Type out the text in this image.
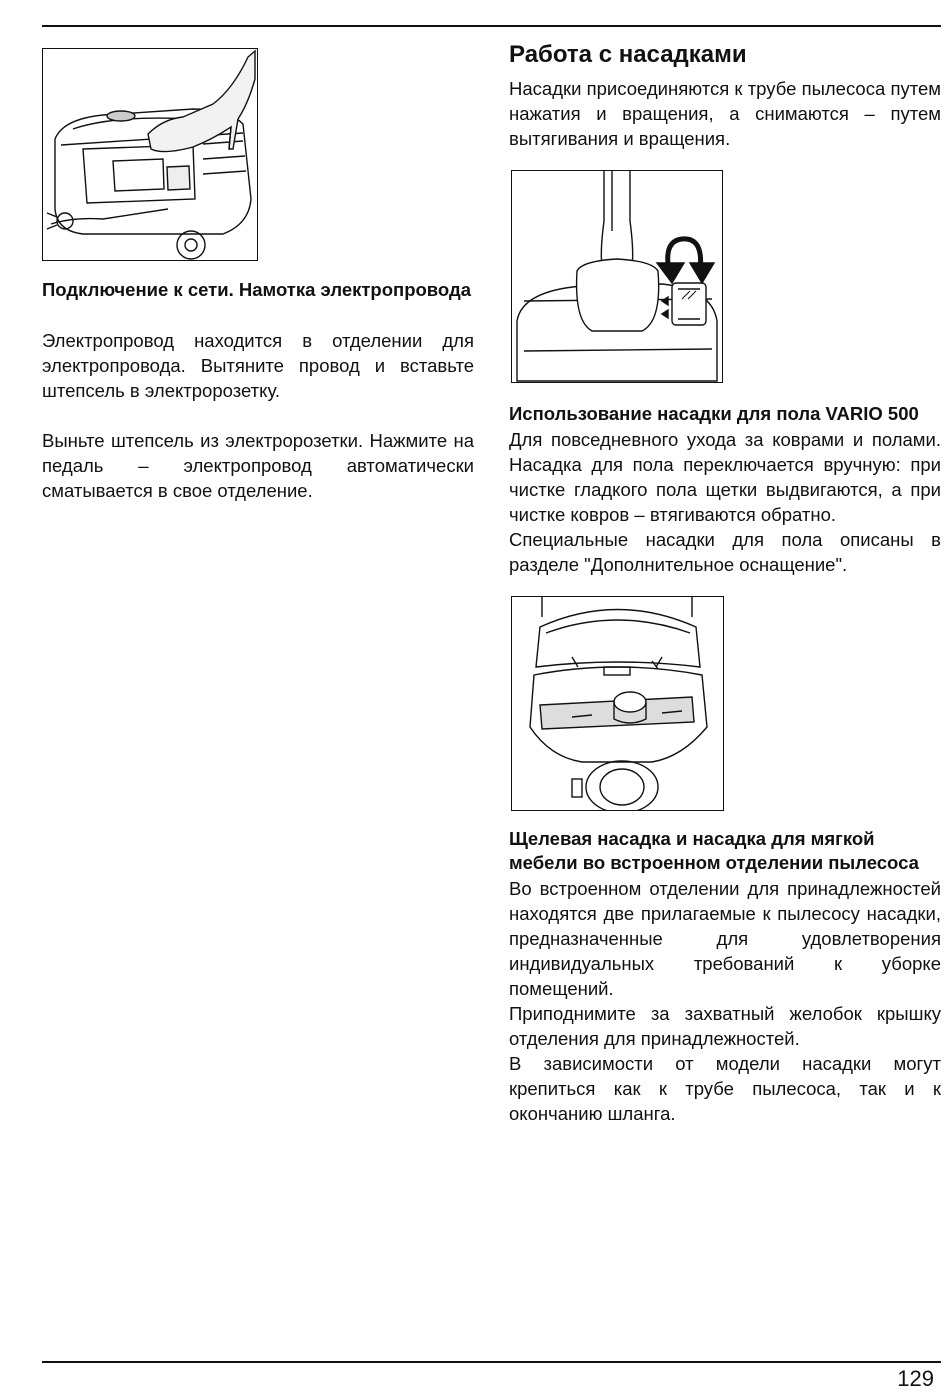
Подключение к сети. Намотка электропровода

Электропровод находится в отделении для электропровода. Вытяните провод и вставьте штепсель в электророзетку.

Выньте штепсель из электророзетки. Нажмите на педаль – электропровод автоматически сматывается в свое отделение.

Работа с насадками

Насадки присоединяются к трубе пылесоса путем нажатия и вращения, а снимаются – путем вытягивания и вращения.

Использование насадки для пола VARIO 500

Для повседневного ухода за коврами и полами. Насадка для пола переключается вручную: при чистке гладкого пола щетки выдвигаются, а при чистке ковров – втягиваются обратно.

Специальные насадки для пола описаны в разделе "Дополнительное оснащение".

Щелевая насадка и насадка для мягкой мебели во встроенном отделении пылесоса

Во встроенном отделении для принадлежностей находятся две прилагаемые к пылесосу насадки, предназначенные для удовлетворения индивидуальных требований к уборке помещений.

Приподнимите за захватный желобок крышку отделения для принадлежностей.

В зависимости от модели насадки могут крепиться как к трубе пылесоса, так и к окончанию шланга.

129
